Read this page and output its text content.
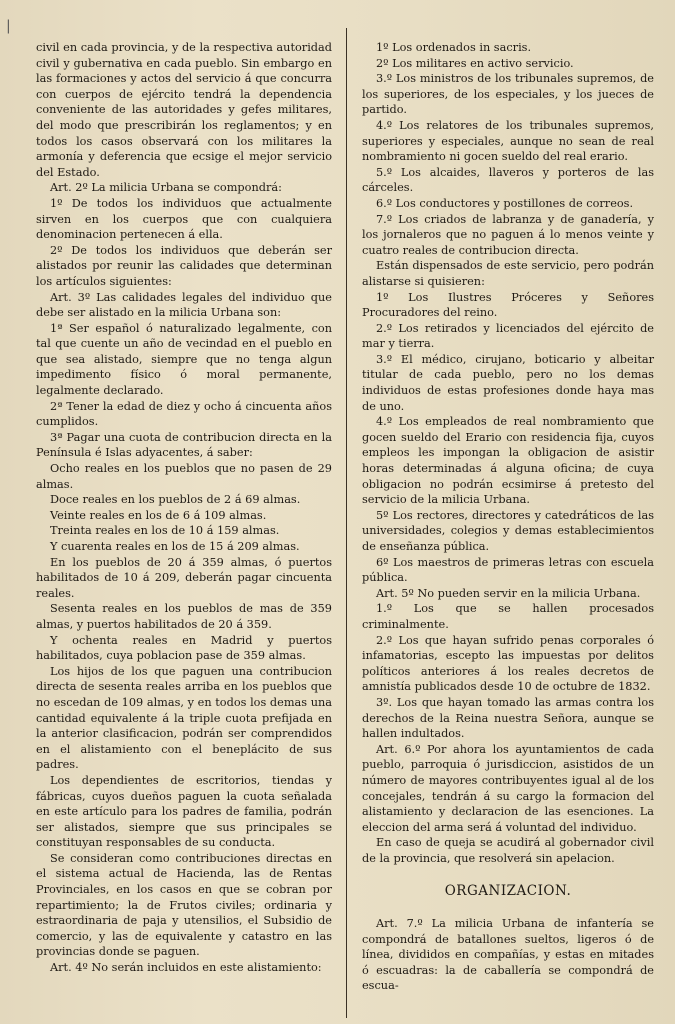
|

civil en cada provincia, y de la respectiva autoridad civil y gubernativa en cada pueblo. Sin embargo en las formaciones y actos del servicio á que concurra con cuerpos de ejército tendrá la dependencia conveniente de las autoridades y gefes militares, del modo que prescribirán los reglamentos; y en todos los casos observará con los militares la armonía y deferencia que ecsige el mejor servicio del Estado.

Art. 2º La milicia Urbana se compondrá:

1º De todos los individuos que actualmente sirven en los cuerpos que con cualquiera denominacion pertenecen á ella.

2º De todos los individuos que deberán ser alistados por reunir las calidades que determinan los artículos siguientes:

Art. 3º Las calidades legales del individuo que debe ser alistado en la milicia Urbana son:

1ª Ser español ó naturalizado legalmente, con tal que cuente un año de vecindad en el pueblo en que sea alistado, siempre que no tenga algun impedimento físico ó moral permanente, legalmente declarado.

2ª Tener la edad de diez y ocho á cincuenta años cumplidos.

3ª Pagar una cuota de contribucion directa en la Península é Islas adyacentes, á saber:

Ocho reales en los pueblos que no pasen de 29 almas.

Doce reales en los pueblos de 2 á 69 almas.

Veinte reales en los de 6 á 109 almas.

Treinta reales en los de 10 á 159 almas.

Y cuarenta reales en los de 15 á 209 almas.

En los pueblos de 20 á 359 almas, ó puertos habilitados de 10 á 209, deberán pagar cincuenta reales.

Sesenta reales en los pueblos de mas de 359 almas, y puertos habilitados de 20 á 359.

Y ochenta reales en Madrid y puertos habilitados, cuya poblacion pase de 359 almas.

Los hijos de los que paguen una contribucion directa de sesenta reales arriba en los pueblos que no escedan de 109 almas, y en todos los demas una cantidad equivalente á la triple cuota prefijada en la anterior clasificacion, podrán ser comprendidos en el alistamiento con el beneplácito de sus padres.

Los dependientes de escritorios, tiendas y fábricas, cuyos dueños paguen la cuota señalada en este artículo para los padres de familia, podrán ser alistados, siempre que sus principales se constituyan responsables de su conducta.

Se consideran como contribuciones directas en el sistema actual de Hacienda, las de Rentas Provinciales, en los casos en que se cobran por repartimiento; la de Frutos civiles; ordinaria y estraordinaria de paja y utensilios, el Subsidio de comercio, y las de equivalente y catastro en las provincias donde se paguen.

Art. 4º No serán incluidos en este alistamiento:

1º Los ordenados in sacris.

2º Los militares en activo servicio.

3.º Los ministros de los tribunales supremos, de los superiores, de los especiales, y los jueces de partido.

4.º Los relatores de los tribunales supremos, superiores y especiales, aunque no sean de real nombramiento ni gocen sueldo del real erario.

5.º Los alcaides, llaveros y porteros de las cárceles.

6.º Los conductores y postillones de correos.

7.º Los criados de labranza y de ganadería, y los jornaleros que no paguen á lo menos veinte y cuatro reales de contribucion directa.

Están dispensados de este servicio, pero podrán alistarse si quisieren:

1º Los Ilustres Próceres y Señores Procuradores del reino.

2.º Los retirados y licenciados del ejército de mar y tierra.

3.º El médico, cirujano, boticario y albeitar titular de cada pueblo, pero no los demas individuos de estas profesiones donde haya mas de uno.

4.º Los empleados de real nombramiento que gocen sueldo del Erario con residencia fija, cuyos empleos les impongan la obligacion de asistir horas determinadas á alguna oficina; de cuya obligacion no podrán ecsimirse á pretesto del servicio de la milicia Urbana.

5º Los rectores, directores y catedráticos de las universidades, colegios y demas establecimientos de enseñanza pública.

6º Los maestros de primeras letras con escuela pública.

Art. 5º No pueden servir en la milicia Urbana.

1.º Los que se hallen procesados criminalmente.

2.º Los que hayan sufrido penas corporales ó infamatorias, escepto las impuestas por delitos políticos anteriores á los reales decretos de amnistía publicados desde 10 de octubre de 1832.

3º. Los que hayan tomado las armas contra los derechos de la Reina nuestra Señora, aunque se hallen indultados.

Art. 6.º Por ahora los ayuntamientos de cada pueblo, parroquia ó jurisdiccion, asistidos de un número de mayores contribuyentes igual al de los concejales, tendrán á su cargo la formacion del alistamiento y declaracion de las esenciones. La eleccion del arma será á voluntad del individuo.

En caso de queja se acudirá al gobernador civil de la provincia, que resolverá sin apelacion.

ORGANIZACION.

Art. 7.º La milicia Urbana de infantería se compondrá de batallones sueltos, ligeros ó de línea, divididos en compañías, y estas en mitades ó escuadras: la de caballería se compondrá de escua-
